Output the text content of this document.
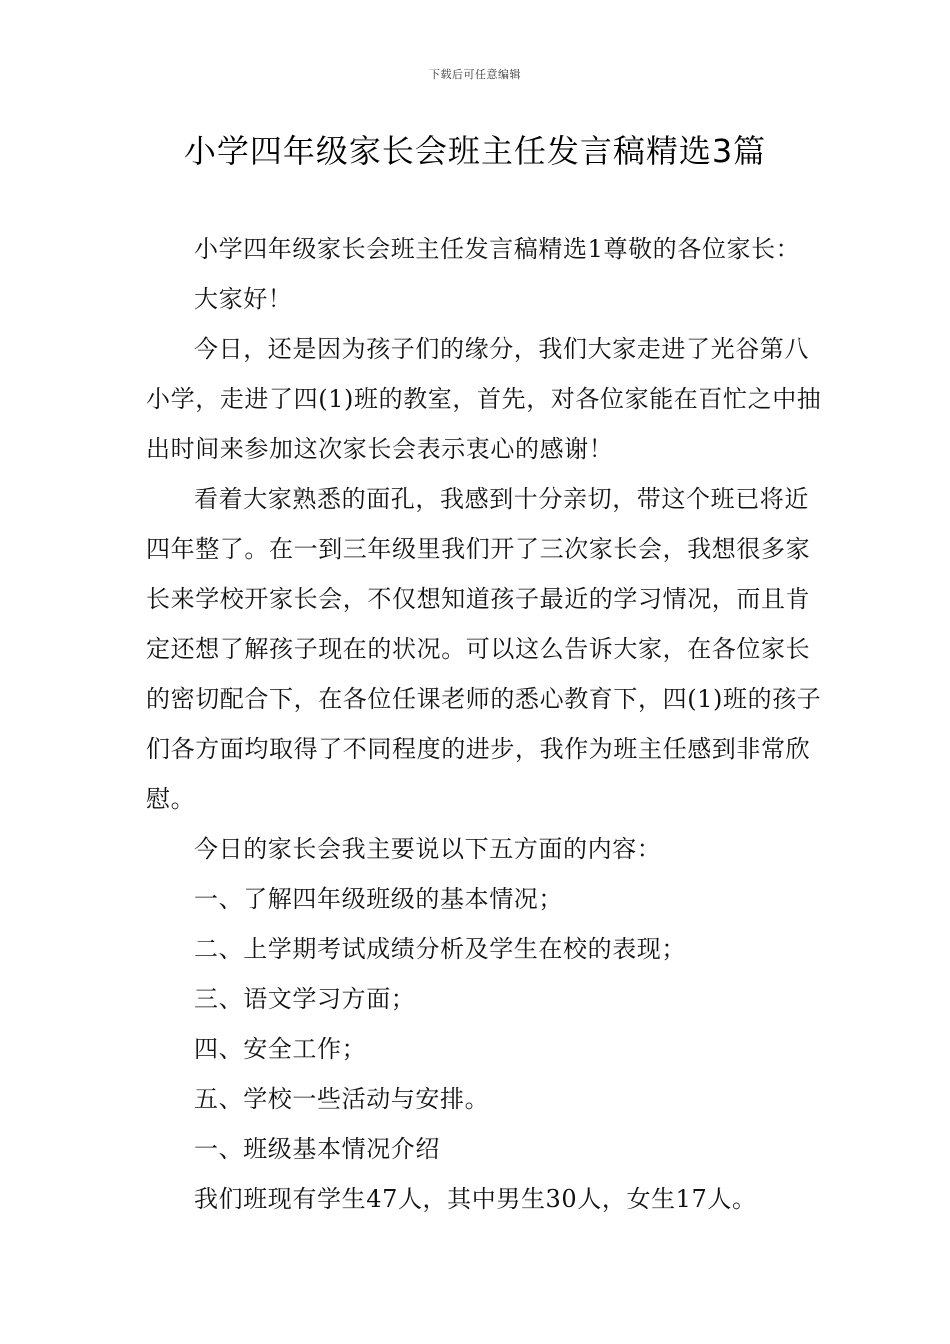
下载后可任意编辑
小学四年级家长会班主任发言稿精选3篇

小学四年级家长会班主任发言稿精选1尊敬的各位家长：

大家好！

今日，还是因为孩子们的缘分，我们大家走进了光谷第八小学，走进了四(1)班的教室，首先，对各位家能在百忙之中抽出时间来参加这次家长会表示衷心的感谢！

看着大家熟悉的面孔，我感到十分亲切，带这个班已将近四年整了。在一到三年级里我们开了三次家长会，我想很多家长来学校开家长会，不仅想知道孩子最近的学习情况，而且肯定还想了解孩子现在的状况。可以这么告诉大家，在各位家长的密切配合下，在各位任课老师的悉心教育下，四(1)班的孩子们各方面均取得了不同程度的进步，我作为班主任感到非常欣慰。

今日的家长会我主要说以下五方面的内容：

一、了解四年级班级的基本情况；

二、上学期考试成绩分析及学生在校的表现；

三、语文学习方面；

四、安全工作；

五、学校一些活动与安排。

一、班级基本情况介绍

我们班现有学生47人，其中男生30人，女生17人。
